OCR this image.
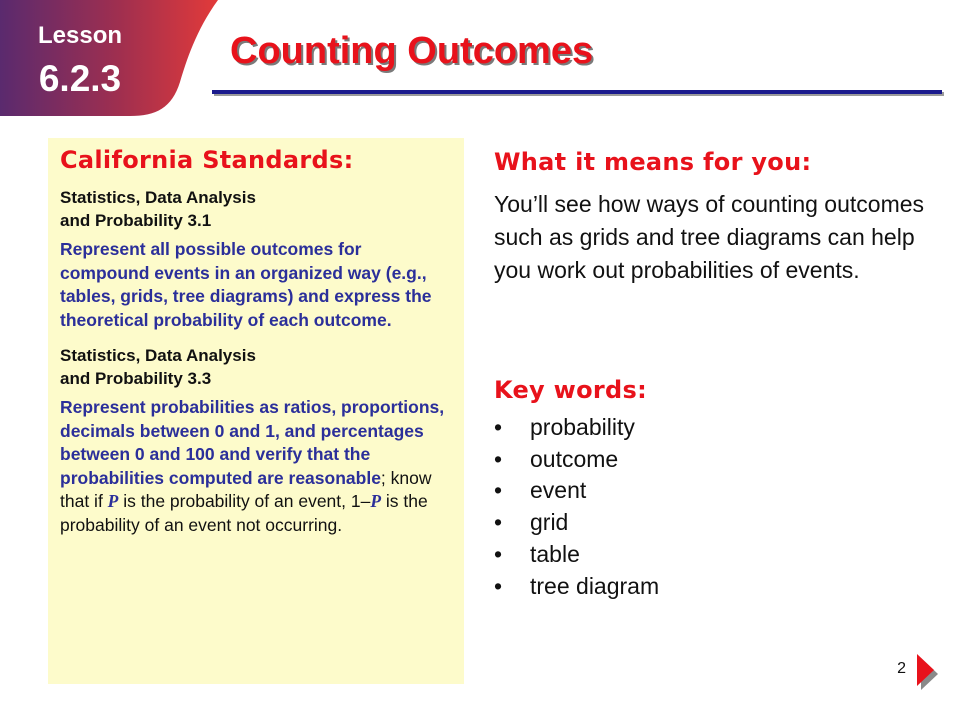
Lesson
6.2.3
Counting Outcomes
California Standards:

Statistics, Data Analysis
and Probability 3.1

Represent all possible outcomes for compound events in an organized way (e.g., tables, grids, tree diagrams) and express the theoretical probability of each outcome.

Statistics, Data Analysis
and Probability 3.3

Represent probabilities as ratios, proportions, decimals between 0 and 1, and percentages between 0 and 100 and verify that the probabilities computed are reasonable; know that if P is the probability of an event, 1–P is the probability of an event not occurring.

What it means for you:

You’ll see how ways of counting outcomes such as grids and tree diagrams can help you work out probabilities of events.

Key words:
• probability
• outcome
• event
• grid
• table
• tree diagram
2
